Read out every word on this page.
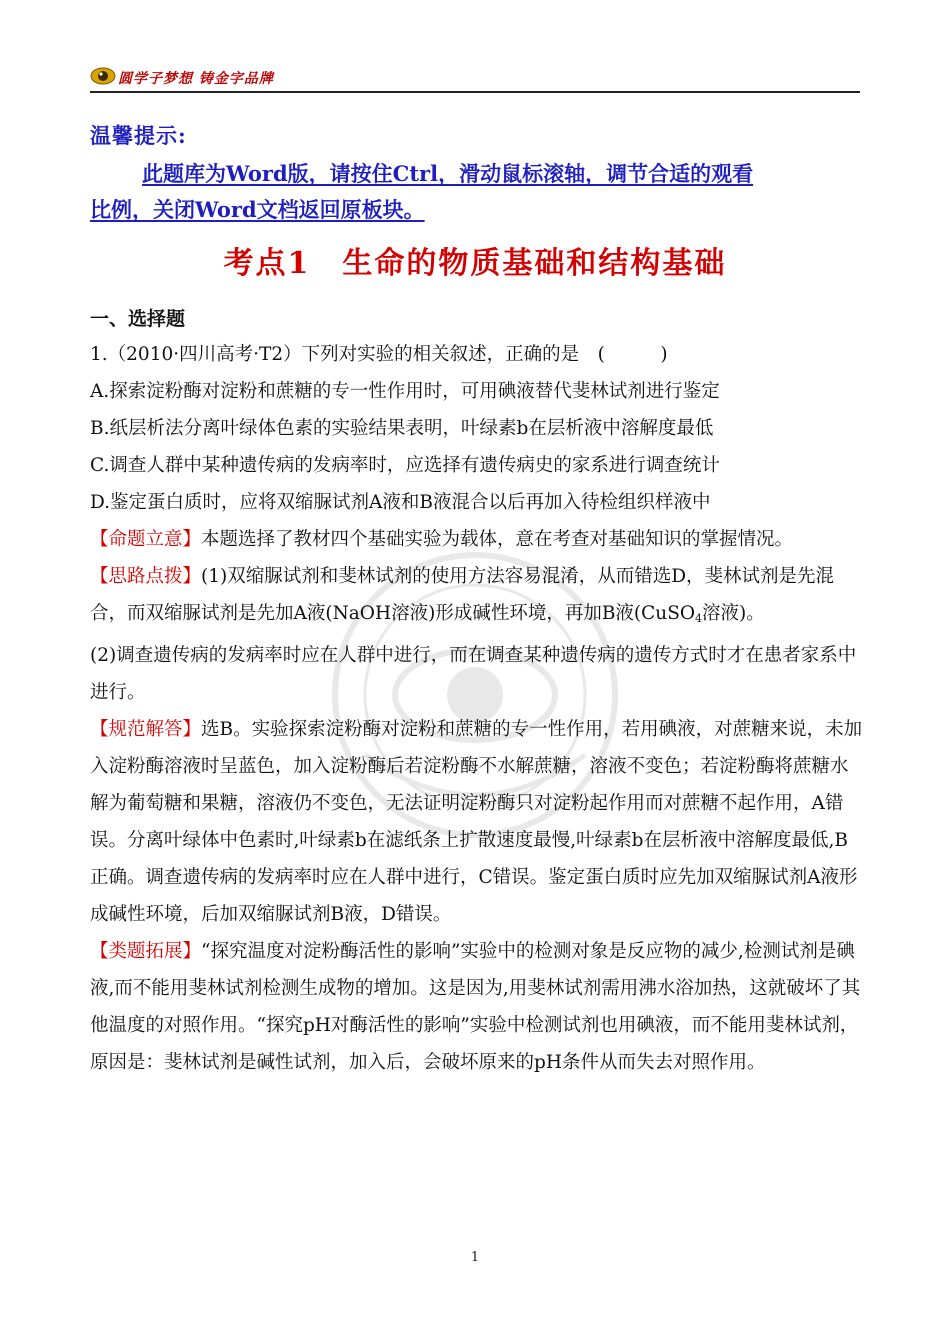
圆学子梦想 铸金字品牌
温馨提示:
此题库为Word版，请按住Ctrl，滑动鼠标滚轴，调节合适的观看
比例，关闭Word文档返回原板块。
考点1　生命的物质基础和结构基础
一、选择题

1.（2010·四川高考·T2）下列对实验的相关叙述，正确的是　(　　　)

A.探索淀粉酶对淀粉和蔗糖的专一性作用时，可用碘液替代斐林试剂进行鉴定

B.纸层析法分离叶绿体色素的实验结果表明，叶绿素b在层析液中溶解度最低

C.调查人群中某种遗传病的发病率时，应选择有遗传病史的家系进行调查统计

D.鉴定蛋白质时，应将双缩脲试剂A液和B液混合以后再加入待检组织样液中

【命题立意】本题选择了教材四个基础实验为载体，意在考查对基础知识的掌握情况。

【思路点拨】(1)双缩脲试剂和斐林试剂的使用方法容易混淆，从而错选D，斐林试剂是先混合，而双缩脲试剂是先加A液(NaOH溶液)形成碱性环境，再加B液(CuSO$_4$溶液)。

(2)调查遗传病的发病率时应在人群中进行，而在调查某种遗传病的遗传方式时才在患者家系中进行。

【规范解答】选B。实验探索淀粉酶对淀粉和蔗糖的专一性作用，若用碘液，对蔗糖来说，未加入淀粉酶溶液时呈蓝色，加入淀粉酶后若淀粉酶不水解蔗糖，溶液不变色；若淀粉酶将蔗糖水解为葡萄糖和果糖，溶液仍不变色，无法证明淀粉酶只对淀粉起作用而对蔗糖不起作用，A错误。分离叶绿体中色素时,叶绿素b在滤纸条上扩散速度最慢,叶绿素b在层析液中溶解度最低,B正确。调查遗传病的发病率时应在人群中进行，C错误。鉴定蛋白质时应先加双缩脲试剂A液形成碱性环境，后加双缩脲试剂B液，D错误。

【类题拓展】“探究温度对淀粉酶活性的影响”实验中的检测对象是反应物的减少,检测试剂是碘液,而不能用斐林试剂检测生成物的增加。这是因为,用斐林试剂需用沸水浴加热，这就破坏了其他温度的对照作用。“探究pH对酶活性的影响”实验中检测试剂也用碘液，而不能用斐林试剂，原因是：斐林试剂是碱性试剂，加入后，会破坏原来的pH条件从而失去对照作用。

1
